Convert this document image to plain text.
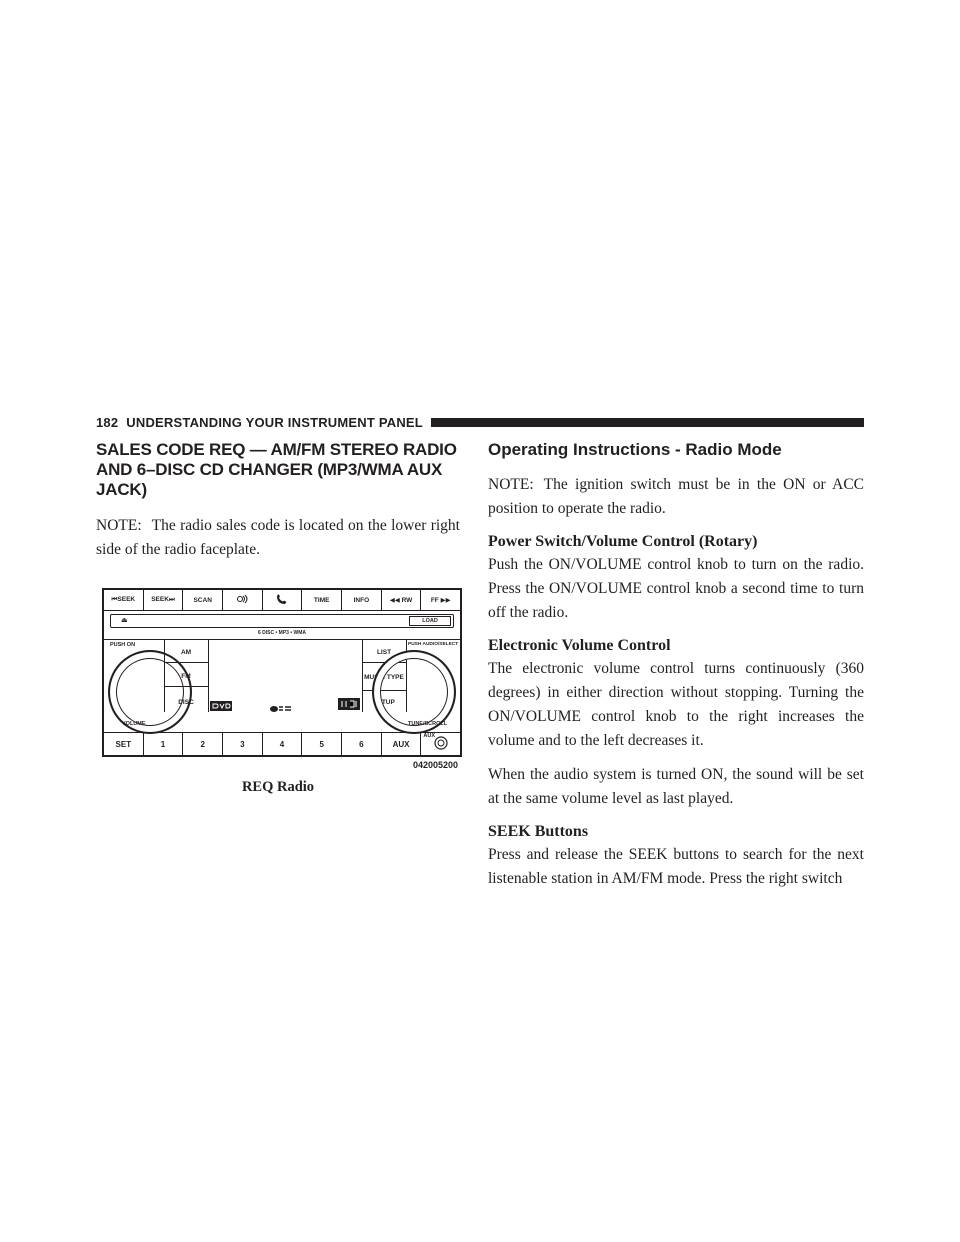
182 UNDERSTANDING YOUR INSTRUMENT PANEL
SALES CODE REQ — AM/FM STEREO RADIO AND 6–DISC CD CHANGER (MP3/WMA AUX JACK)

NOTE: The radio sales code is located on the lower right side of the radio faceplate.

⏮SEEK	SEEK⏭	SCAN	TIME	INFO	◀◀ RW	FF ▶▶
⏏	LOAD
6 DISC • MP3 • WMA
PUSH ON
VOLUME
AM
FM
DISC
LIST
MUSIC TYPE
SETUP
PUSH AUDIO/SELECT
TUNE/SCROLL
SET	1	2	3	4	5	6	AUX
AUX
042005200
REQ Radio
Operating Instructions - Radio Mode

NOTE: The ignition switch must be in the ON or ACC position to operate the radio.

Power Switch/Volume Control (Rotary)

Push the ON/VOLUME control knob to turn on the radio. Press the ON/VOLUME control knob a second time to turn off the radio.

Electronic Volume Control

The electronic volume control turns continuously (360 degrees) in either direction without stopping. Turning the ON/VOLUME control knob to the right increases the volume and to the left decreases it.

When the audio system is turned ON, the sound will be set at the same volume level as last played.

SEEK Buttons

Press and release the SEEK buttons to search for the next listenable station in AM/FM mode. Press the right switch
